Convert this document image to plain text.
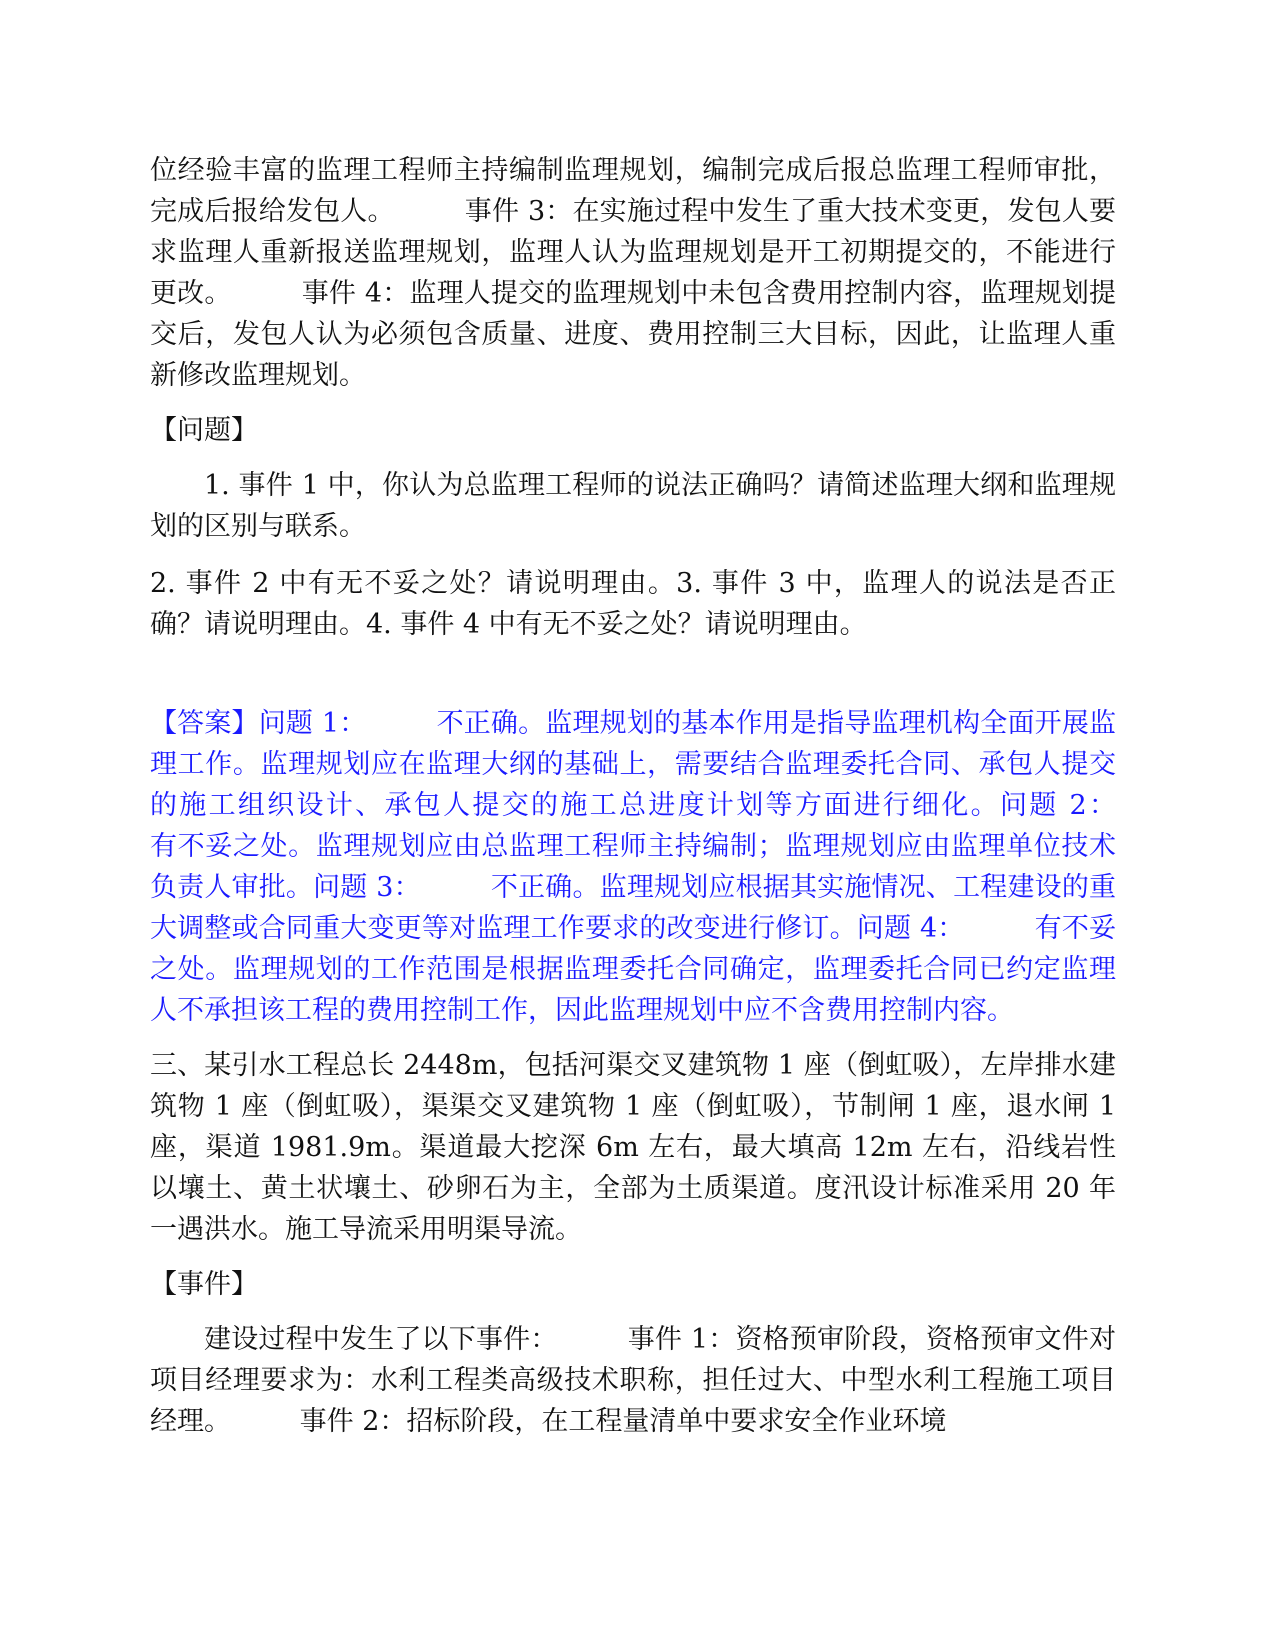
位经验丰富的监理工程师主持编制监理规划，编制完成后报总监理工程师审批，完成后报给发包人。        事件 3：在实施过程中发生了重大技术变更，发包人要求监理人重新报送监理规划，监理人认为监理规划是开工初期提交的，不能进行更改。        事件 4：监理人提交的监理规划中未包含费用控制内容，监理规划提交后，发包人认为必须包含质量、进度、费用控制三大目标，因此，让监理人重新修改监理规划。

【问题】

1. 事件 1 中，你认为总监理工程师的说法正确吗？请简述监理大纲和监理规划的区别与联系。

2. 事件 2 中有无不妥之处？请说明理由。3. 事件 3 中，监理人的说法是否正确？请说明理由。4. 事件 4 中有无不妥之处？请说明理由。

【答案】问题 1：        不正确。监理规划的基本作用是指导监理机构全面开展监理工作。监理规划应在监理大纲的基础上，需要结合监理委托合同、承包人提交的施工组织设计、承包人提交的施工总进度计划等方面进行细化。问题 2：        有不妥之处。监理规划应由总监理工程师主持编制；监理规划应由监理单位技术负责人审批。问题 3：        不正确。监理规划应根据其实施情况、工程建设的重大调整或合同重大变更等对监理工作要求的改变进行修订。问题 4：        有不妥之处。监理规划的工作范围是根据监理委托合同确定，监理委托合同已约定监理人不承担该工程的费用控制工作，因此监理规划中应不含费用控制内容。

三、某引水工程总长 2448m，包括河渠交叉建筑物 1 座（倒虹吸），左岸排水建筑物 1 座（倒虹吸），渠渠交叉建筑物 1 座（倒虹吸），节制闸 1 座，退水闸 1 座，渠道 1981.9m。渠道最大挖深 6m 左右，最大填高 12m 左右，沿线岩性以壤土、黄土状壤土、砂卵石为主，全部为土质渠道。度汛设计标准采用 20 年一遇洪水。施工导流采用明渠导流。

【事件】

建设过程中发生了以下事件：        事件 1：资格预审阶段，资格预审文件对项目经理要求为：水利工程类高级技术职称，担任过大、中型水利工程施工项目经理。        事件 2：招标阶段，在工程量清单中要求安全作业环境
